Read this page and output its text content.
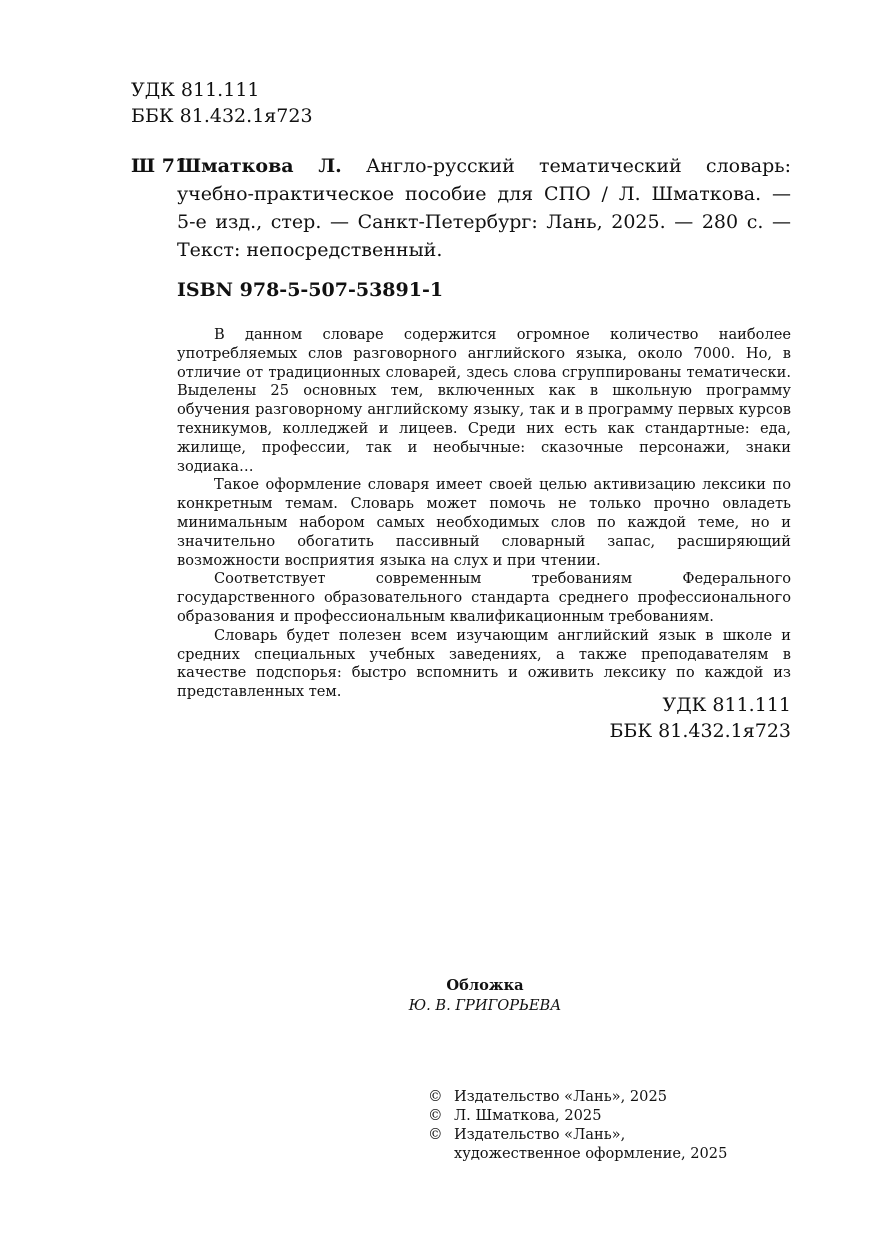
УДК 811.111
ББК 81.432.1я723
Ш 71
Шматкова Л. Англо-русский тематический словарь:
учебно-практическое пособие для СПО / Л. Шматкова. —
5-е изд., стер. — Санкт-Петербург: Лань, 2025. — 280 с. —
Текст: непосредственный.
ISBN 978-5-507-53891-1

В данном словаре содержится огромное количество наиболее употребляемых слов разговорного английского языка, около 7000. Но, в отличие от традиционных словарей, здесь слова сгруппированы тематически. Выделены 25 основных тем, включенных как в школьную программу обучения разговорному английскому языку, так и в программу первых курсов техникумов, колледжей и лицеев. Среди них есть как стандартные: еда, жилище, профессии, так и необычные: сказочные персонажи, знаки зодиака…

Такое оформление словаря имеет своей целью активизацию лексики по конкретным темам. Словарь может помочь не только прочно овладеть минимальным набором самых необходимых слов по каждой теме, но и значительно обогатить пассивный словарный запас, расширяющий возможности восприятия языка на слух и при чтении.

Соответствует современным требованиям Федерального государственного образовательного стандарта среднего профессионального образования и профессиональным квалификационным требованиям.

Словарь будет полезен всем изучающим английский язык в школе и средних специальных учебных заведениях, а также преподавателям в качестве подспорья: быстро вспомнить и оживить лексику по каждой из представленных тем.

УДК 811.111
ББК 81.432.1я723
Обложка
Ю. В. ГРИГОРЬЕВА
© Издательство «Лань», 2025
© Л. Шматкова, 2025
© Издательство «Лань»,
художественное оформление, 2025
